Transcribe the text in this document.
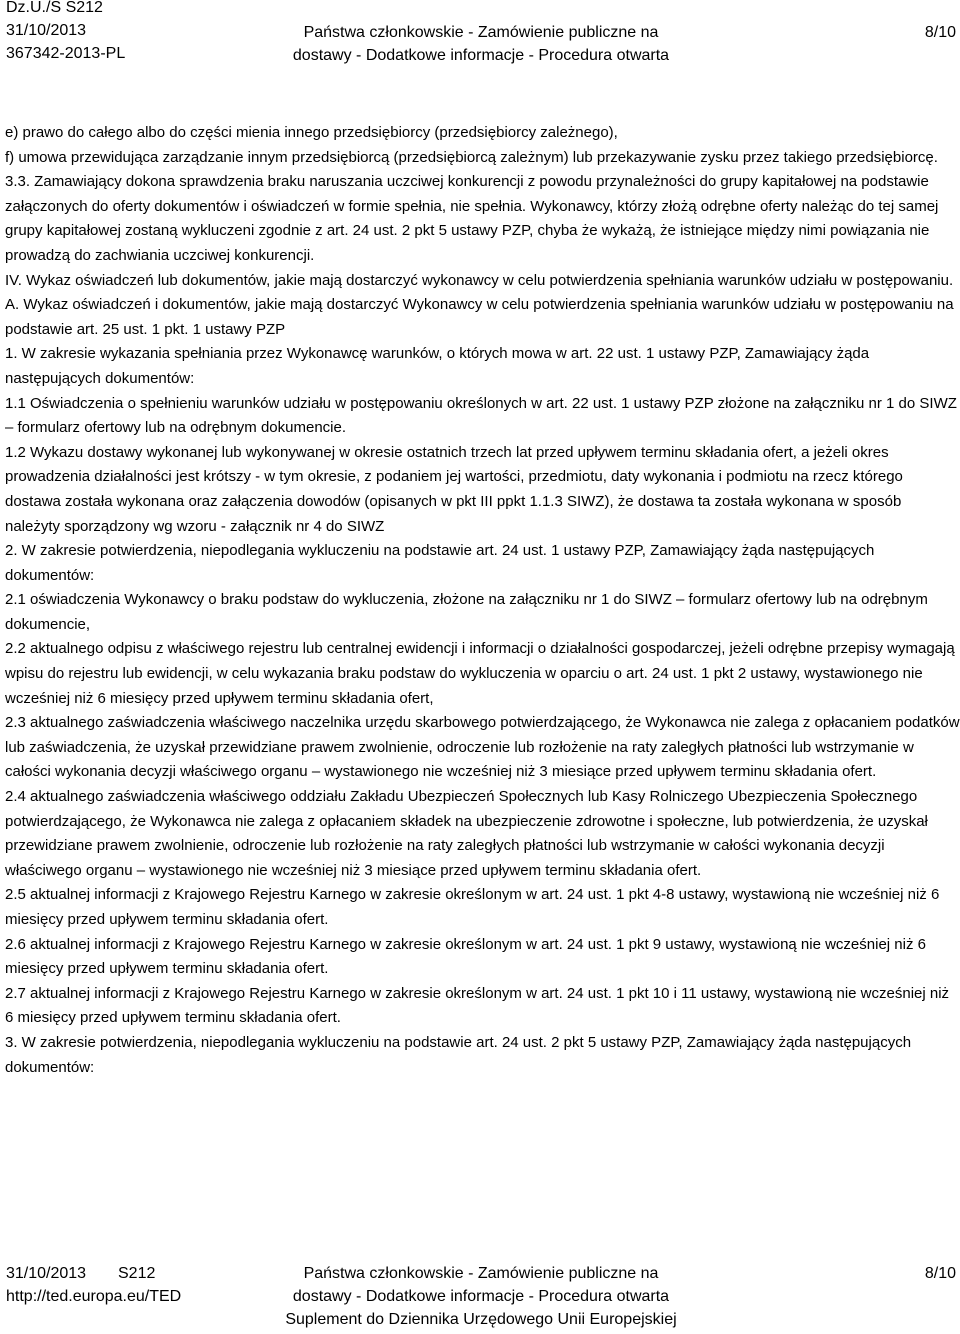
Dz.U./S S212
31/10/2013
367342-2013-PL
Państwa członkowskie - Zamówienie publiczne na
dostawy - Dodatkowe informacje - Procedura otwarta
8/10

e) prawo do całego albo do części mienia innego przedsiębiorcy (przedsiębiorcy zależnego),

f) umowa przewidująca zarządzanie innym przedsiębiorcą (przedsiębiorcą zależnym) lub przekazywanie zysku przez takiego przedsiębiorcę.

3.3. Zamawiający dokona sprawdzenia braku naruszania uczciwej konkurencji z powodu przynależności do grupy kapitałowej na podstawie załączonych do oferty dokumentów i oświadczeń w formie spełnia, nie spełnia. Wykonawcy, którzy złożą odrębne oferty należąc do tej samej grupy kapitałowej zostaną wykluczeni zgodnie z art. 24 ust. 2 pkt 5 ustawy PZP, chyba że wykażą, że istniejące między nimi powiązania nie prowadzą do zachwiania uczciwej konkurencji.

IV. Wykaz oświadczeń lub dokumentów, jakie mają dostarczyć wykonawcy w celu potwierdzenia spełniania warunków udziału w postępowaniu.

A. Wykaz oświadczeń i dokumentów, jakie mają dostarczyć Wykonawcy w celu potwierdzenia spełniania warunków udziału w postępowaniu na podstawie art. 25 ust. 1 pkt. 1 ustawy PZP

1. W zakresie wykazania spełniania przez Wykonawcę warunków, o których mowa w art. 22 ust. 1 ustawy PZP, Zamawiający żąda następujących dokumentów:

1.1 Oświadczenia o spełnieniu warunków udziału w postępowaniu określonych w art. 22 ust. 1 ustawy PZP złożone na załączniku nr 1 do SIWZ – formularz ofertowy lub na odrębnym dokumencie.

1.2 Wykazu dostawy wykonanej lub wykonywanej w okresie ostatnich trzech lat przed upływem terminu składania ofert, a jeżeli okres prowadzenia działalności jest krótszy - w tym okresie, z podaniem jej wartości, przedmiotu, daty wykonania i podmiotu na rzecz którego dostawa została wykonana oraz załączenia dowodów (opisanych w pkt III ppkt 1.1.3 SIWZ), że dostawa ta została wykonana w sposób należyty sporządzony wg wzoru - załącznik nr 4 do SIWZ

2. W zakresie potwierdzenia, niepodlegania wykluczeniu na podstawie art. 24 ust. 1 ustawy PZP, Zamawiający żąda następujących dokumentów:

2.1 oświadczenia Wykonawcy o braku podstaw do wykluczenia, złożone na załączniku nr 1 do SIWZ – formularz ofertowy lub na odrębnym dokumencie,

2.2 aktualnego odpisu z właściwego rejestru lub centralnej ewidencji i informacji o działalności gospodarczej, jeżeli odrębne przepisy wymagają wpisu do rejestru lub ewidencji, w celu wykazania braku podstaw do wykluczenia w oparciu o art. 24 ust. 1 pkt 2 ustawy, wystawionego nie wcześniej niż 6 miesięcy przed upływem terminu składania ofert,

2.3 aktualnego zaświadczenia właściwego naczelnika urzędu skarbowego potwierdzającego, że Wykonawca nie zalega z opłacaniem podatków lub zaświadczenia, że uzyskał przewidziane prawem zwolnienie, odroczenie lub rozłożenie na raty zaległych płatności lub wstrzymanie w całości wykonania decyzji właściwego organu – wystawionego nie wcześniej niż 3 miesiące przed upływem terminu składania ofert.

2.4 aktualnego zaświadczenia właściwego oddziału Zakładu Ubezpieczeń Społecznych lub Kasy Rolniczego Ubezpieczenia Społecznego potwierdzającego, że Wykonawca nie zalega z opłacaniem składek na ubezpieczenie zdrowotne i społeczne, lub potwierdzenia, że uzyskał przewidziane prawem zwolnienie, odroczenie lub rozłożenie na raty zaległych płatności lub wstrzymanie w całości wykonania decyzji właściwego organu – wystawionego nie wcześniej niż 3 miesiące przed upływem terminu składania ofert.

2.5 aktualnej informacji z Krajowego Rejestru Karnego w zakresie określonym w art. 24 ust. 1 pkt 4-8 ustawy, wystawioną nie wcześniej niż 6 miesięcy przed upływem terminu składania ofert.

2.6 aktualnej informacji z Krajowego Rejestru Karnego w zakresie określonym w art. 24 ust. 1 pkt 9 ustawy, wystawioną nie wcześniej niż 6 miesięcy przed upływem terminu składania ofert.

2.7 aktualnej informacji z Krajowego Rejestru Karnego w zakresie określonym w art. 24 ust. 1 pkt 10 i 11 ustawy, wystawioną nie wcześniej niż 6 miesięcy przed upływem terminu składania ofert.

3. W zakresie potwierdzenia, niepodlegania wykluczeniu na podstawie art. 24 ust. 2 pkt 5 ustawy PZP, Zamawiający żąda następujących dokumentów:

31/10/2013 S212
http://ted.europa.eu/TED
Państwa członkowskie - Zamówienie publiczne na
dostawy - Dodatkowe informacje - Procedura otwarta
Suplement do Dziennika Urzędowego Unii Europejskiej
8/10
